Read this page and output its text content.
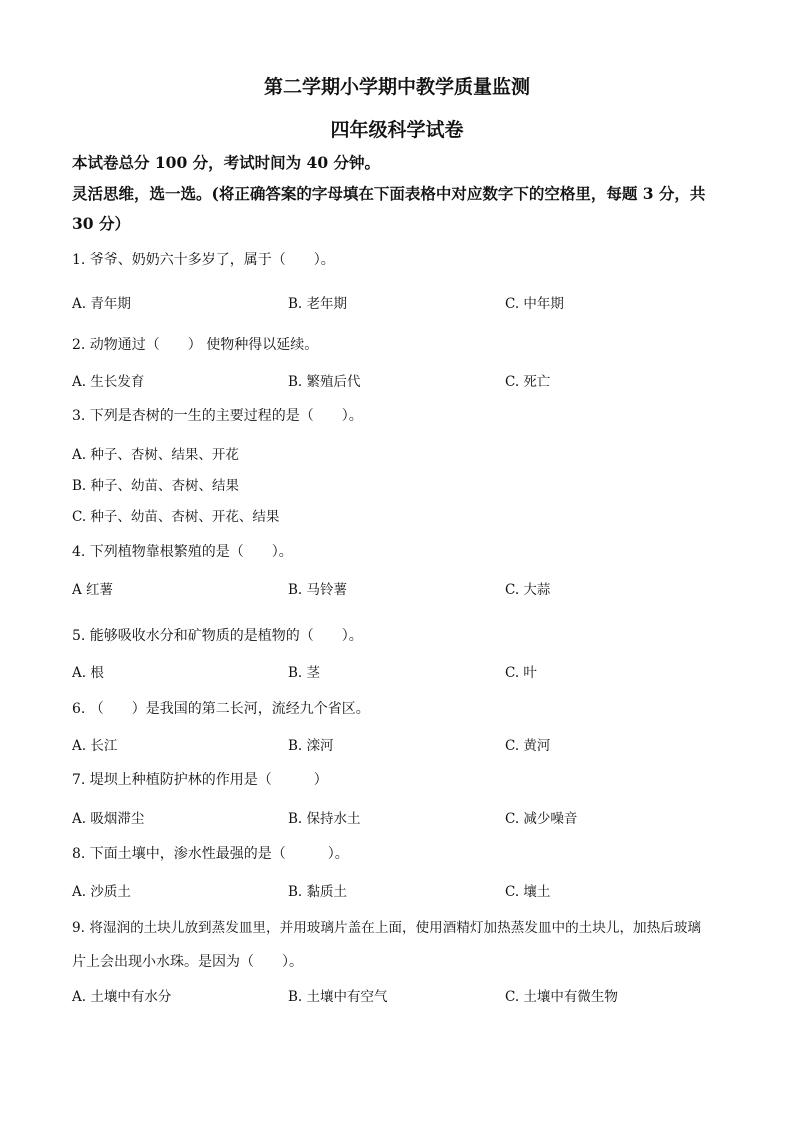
第二学期小学期中教学质量监测
四年级科学试卷
本试卷总分 100 分，考试时间为 40 分钟。
灵活思维，选一选。(将正确答案的字母填在下面表格中对应数字下的空格里，每题 3 分，共
30 分）
1. 爷爷、奶奶六十多岁了，属于（　　）。
A. 青年期	B. 老年期	C. 中年期
2. 动物通过（　　） 使物种得以延续。
A. 生长发育	B. 繁殖后代	C. 死亡
3. 下列是杏树的一生的主要过程的是（　　）。
A. 种子、杏树、结果、开花
B. 种子、幼苗、杏树、结果
C. 种子、幼苗、杏树、开花、结果
4. 下列植物靠根繁殖的是（　　）。
A 红薯	B. 马铃薯	C. 大蒜
5. 能够吸收水分和矿物质的是植物的（　　）。
A. 根	B. 茎	C. 叶
6. （　　）是我国的第二长河，流经九个省区。
A. 长江	B. 滦河	C. 黄河
7. 堤坝上种植防护林的作用是（　　　）
A. 吸烟滞尘	B. 保持水土	C. 减少噪音
8. 下面土壤中，渗水性最强的是（　　　）。
A. 沙质土	B. 黏质土	C. 壤土
9. 将湿润的土块儿放到蒸发皿里，并用玻璃片盖在上面，使用酒精灯加热蒸发皿中的土块儿，加热后玻璃
片上会出现小水珠。是因为（　　）。
A. 土壤中有水分	B. 土壤中有空气	C. 土壤中有微生物
